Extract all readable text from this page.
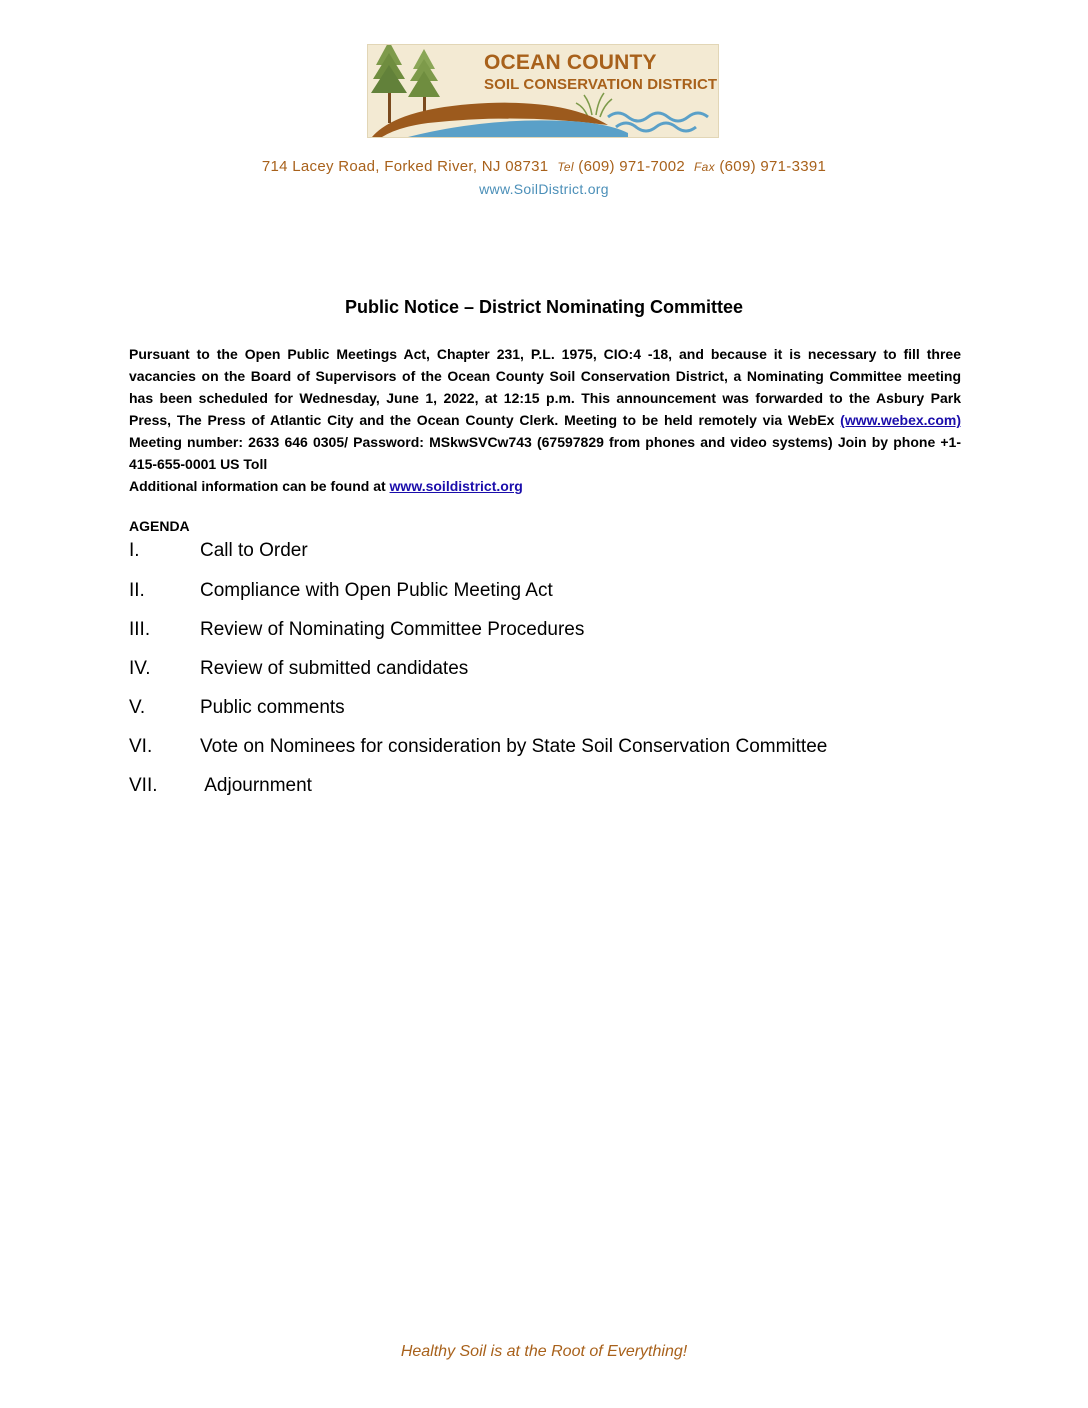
OCEAN COUNTY
SOIL CONSERVATION DISTRICT
714 Lacey Road, Forked River, NJ 08731 Tel (609) 971-7002 Fax (609) 971-3391
www.SoilDistrict.org
Public Notice – District Nominating Committee
Pursuant to the Open Public Meetings Act, Chapter 231, P.L. 1975, CIO:4 -18, and because it is necessary to fill three vacancies on the Board of Supervisors of the Ocean County Soil Conservation District, a Nominating Committee meeting has been scheduled for Wednesday, June 1, 2022, at 12:15 p.m. This announcement was forwarded to the Asbury Park Press, The Press of Atlantic City and the Ocean County Clerk. Meeting to be held remotely via WebEx (www.webex.com) Meeting number: 2633 646 0305/ Password: MSkwSVCw743 (67597829 from phones and video systems) Join by phone +1-415-655-0001 US Toll
Additional information can be found at www.soildistrict.org
AGENDA
I.	Call to Order
II.	Compliance with Open Public Meeting Act
III.	Review of Nominating Committee Procedures
IV.	Review of submitted candidates
V.	Public comments
VI.	Vote on Nominees for consideration by State Soil Conservation Committee
VII. Adjournment
Healthy Soil is at the Root of Everything!
